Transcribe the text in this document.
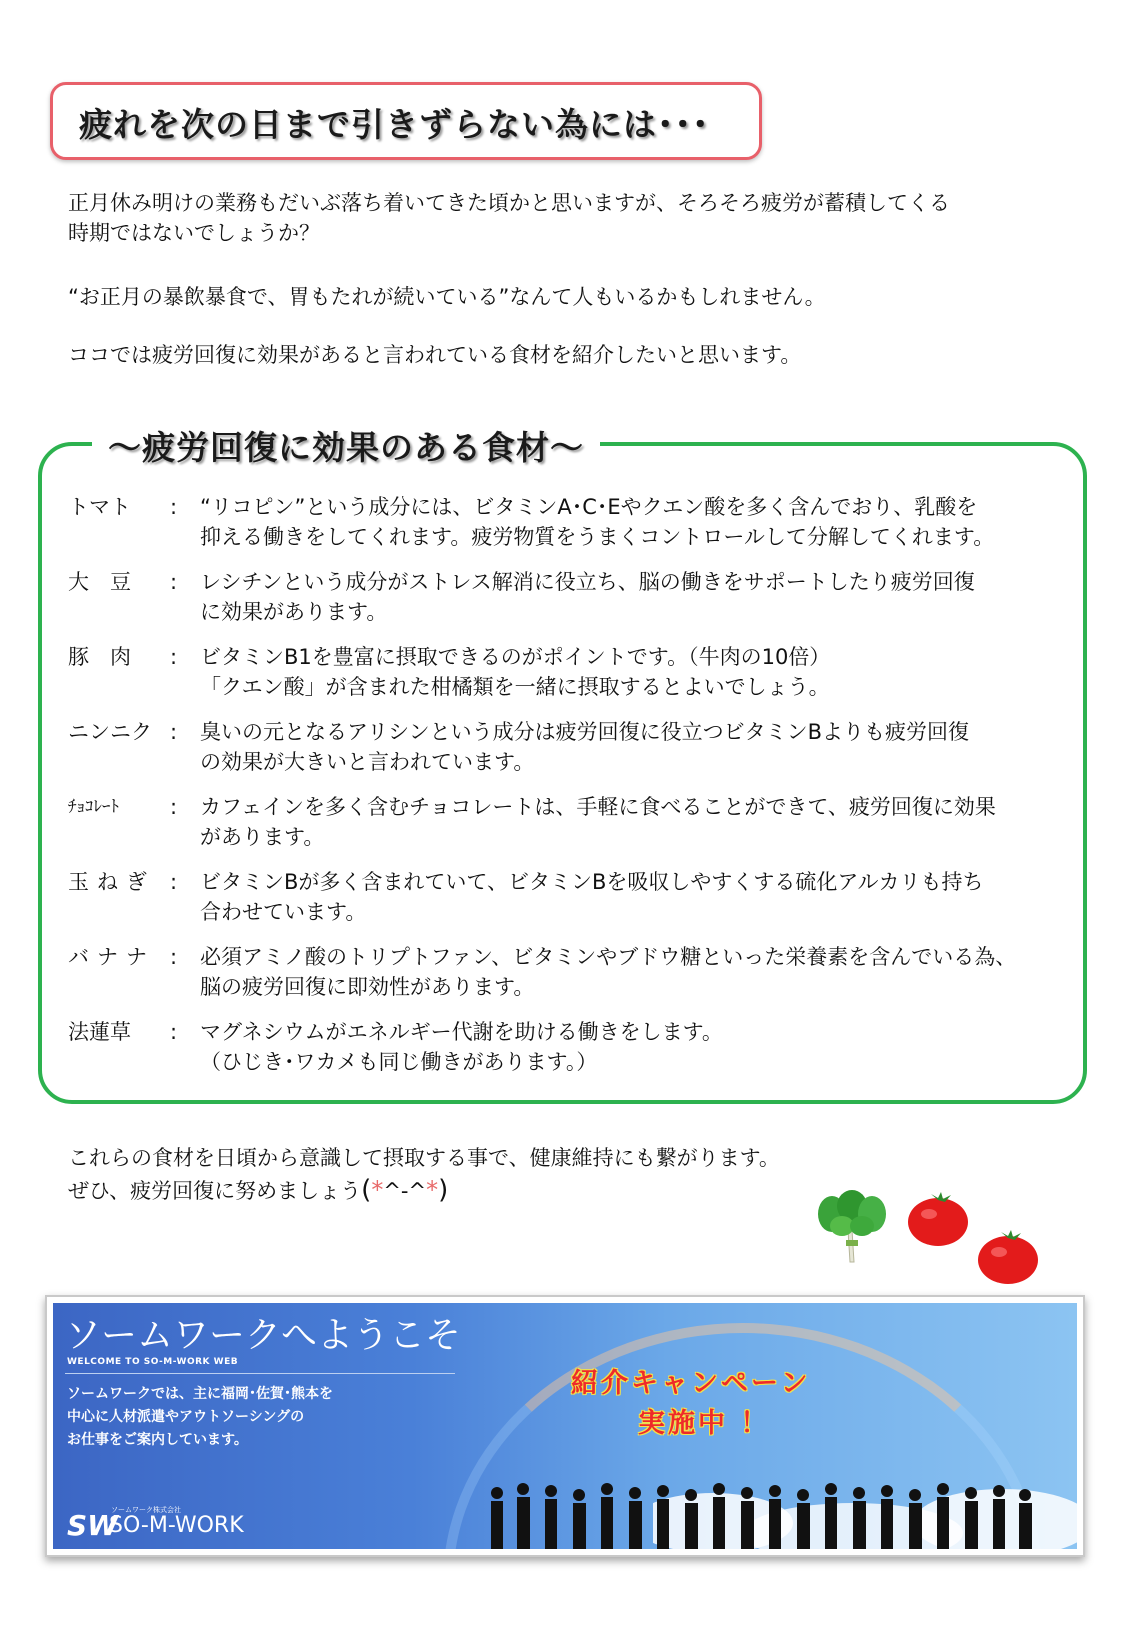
疲れを次の日まで引きずらない為には･･･
正月休み明けの業務もだいぶ落ち着いてきた頃かと思いますが、そろそろ疲労が蓄積してくる
時期ではないでしょうか？
“お正月の暴飲暴食で、胃もたれが続いている”なんて人もいるかもしれません。
ココでは疲労回復に効果があると言われている食材を紹介したいと思います。
～疲労回復に効果のある食材～
トマト : “リコピン”という成分には、ビタミンA･C･Eやクエン酸を多く含んでおり、乳酸を
抑える働きをしてくれます。疲労物質をうまくコントロールして分解してくれます。
大　豆 : レシチンという成分がストレス解消に役立ち、脳の働きをサポートしたり疲労回復
に効果があります。
豚　肉 : ビタミンB1を豊富に摂取できるのがポイントです。（牛肉の10倍）
「クエン酸」が含まれた柑橘類を一緒に摂取するとよいでしょう。
ニンニク : 臭いの元となるアリシンという成分は疲労回復に役立つビタミンBよりも疲労回復
の効果が大きいと言われています。
ﾁｮｺﾚｰﾄ : カフェインを多く含むチョコレートは、手軽に食べることができて、疲労回復に効果
があります。
玉ねぎ : ビタミンBが多く含まれていて、ビタミンBを吸収しやすくする硫化アルカリも持ち
合わせています。
バナナ : 必須アミノ酸のトリプトファン、ビタミンやブドウ糖といった栄養素を含んでいる為、
脳の疲労回復に即効性があります。
法蓮草 : マグネシウムがエネルギー代謝を助ける働きをします。
（ひじき･ワカメも同じ働きがあります。）
これらの食材を日頃から意識して摂取する事で、健康維持にも繋がります。
ぜひ、疲労回復に努めましょう(*^-^*)
ソームワークへようこそ
WELCOME TO SO-M-WORK WEB
ソームワークでは、主に福岡･佐賀･熊本を
中心に人材派遣やアウトソーシングの
お仕事をご案内しています。
SW
ソームワーク株式会社
SO-M-WORK
紹介キャンペーン
実施中 ！
